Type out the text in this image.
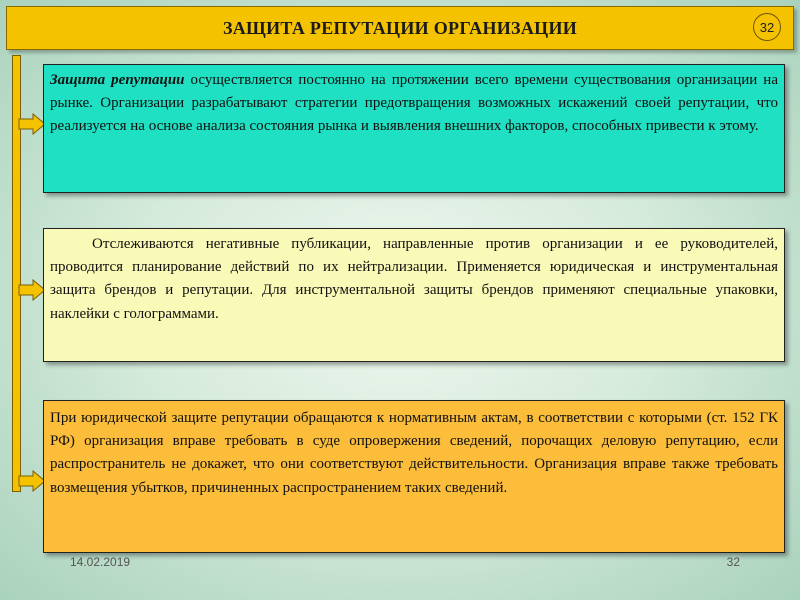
ЗАЩИТА РЕПУТАЦИИ ОРГАНИЗАЦИИ	32
Защита репутации осуществляется постоянно на протяжении всего времени существования организации на рынке. Организации разрабатывают стратегии предотвращения возможных искажений своей репутации, что реализуется на основе анализа состояния рынка и выявления внешних факторов, способных привести к этому.
Отслеживаются негативные публикации, направленные против организации и ее руководителей, проводится планирование действий по их нейтрализации. Применяется юридическая и инструментальная защита брендов и репутации. Для инструментальной защиты брендов применяют специальные упаковки, наклейки с голограммами.
При юридической защите репутации обращаются к нормативным актам, в соответствии с которыми (ст. 152 ГК РФ) организация вправе требовать в суде опровержения сведений, порочащих деловую репутацию, если распространитель не докажет, что они соответствуют действительности. Организация вправе также требовать возмещения убытков, причиненных распространением таких сведений.
14.02.2019	32
